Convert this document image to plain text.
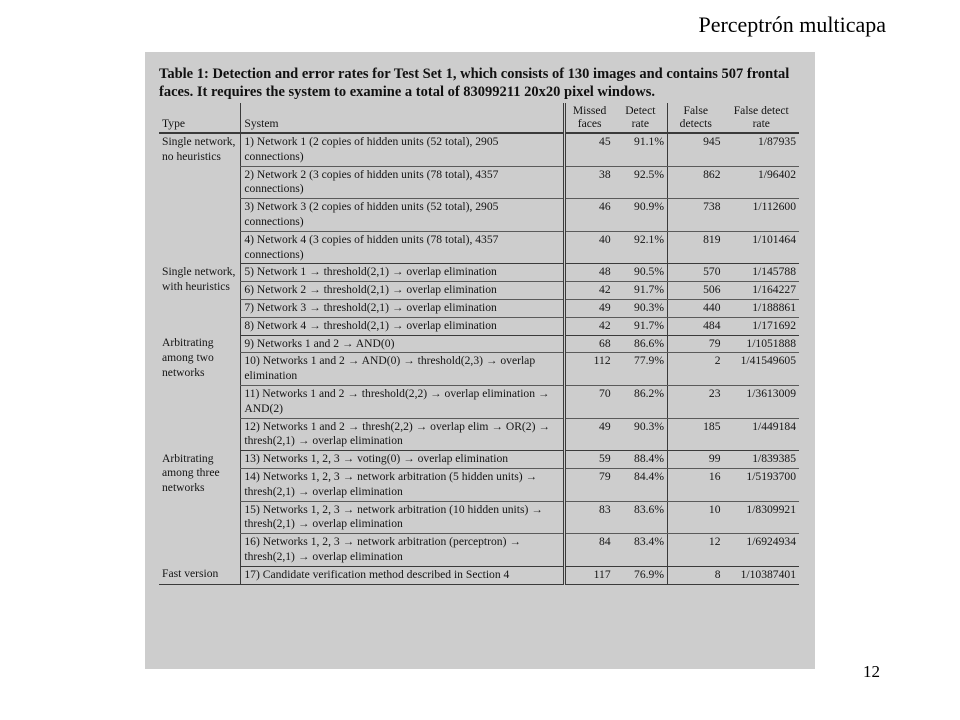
Perceptrón multicapa

Table 1: Detection and error rates for Test Set 1, which consists of 130 images and contains 507 frontal faces. It requires the system to examine a total of 83099211 20x20 pixel windows.

Type	System	Missed faces	Detect rate	False detects	False detect rate
Single network, no heuristics	1) Network 1 (2 copies of hidden units (52 total), 2905 connections)	45	91.1%	945	1/87935
	2) Network 2 (3 copies of hidden units (78 total), 4357 connections)	38	92.5%	862	1/96402
	3) Network 3 (2 copies of hidden units (52 total), 2905 connections)	46	90.9%	738	1/112600
	4) Network 4 (3 copies of hidden units (78 total), 4357 connections)	40	92.1%	819	1/101464
Single network, with heuristics	5) Network 1 → threshold(2,1) → overlap elimination	48	90.5%	570	1/145788
	6) Network 2 → threshold(2,1) → overlap elimination	42	91.7%	506	1/164227
	7) Network 3 → threshold(2,1) → overlap elimination	49	90.3%	440	1/188861
	8) Network 4 → threshold(2,1) → overlap elimination	42	91.7%	484	1/171692
Arbitrating among two networks	9) Networks 1 and 2 → AND(0)	68	86.6%	79	1/1051888
	10) Networks 1 and 2 → AND(0) → threshold(2,3) → overlap elimination	112	77.9%	2	1/41549605
	11) Networks 1 and 2 → threshold(2,2) → overlap elimination → AND(2)	70	86.2%	23	1/3613009
	12) Networks 1 and 2 → thresh(2,2) → overlap elim → OR(2) → thresh(2,1) → overlap elimination	49	90.3%	185	1/449184
Arbitrating among three networks	13) Networks 1, 2, 3 → voting(0) → overlap elimination	59	88.4%	99	1/839385
	14) Networks 1, 2, 3 → network arbitration (5 hidden units) → thresh(2,1) → overlap elimination	79	84.4%	16	1/5193700
	15) Networks 1, 2, 3 → network arbitration (10 hidden units) → thresh(2,1) → overlap elimination	83	83.6%	10	1/8309921
	16) Networks 1, 2, 3 → network arbitration (perceptron) → thresh(2,1) → overlap elimination	84	83.4%	12	1/6924934
Fast version	17) Candidate verification method described in Section 4	117	76.9%	8	1/10387401
12
